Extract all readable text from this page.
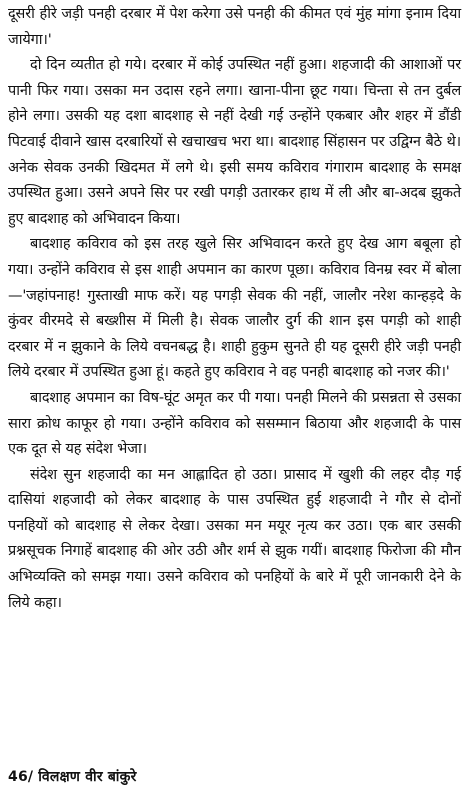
दूसरी हीरे जड़ी पनही दरबार में पेश करेगा उसे पनही की कीमत एवं मुंह मांगा इनाम दिया जायेगा।'

दो दिन व्यतीत हो गये। दरबार में कोई उपस्थित नहीं हुआ। शहजादी की आशाओं पर पानी फिर गया। उसका मन उदास रहने लगा। खाना-पीना छूट गया। चिन्ता से तन दुर्बल होने लगा। उसकी यह दशा बादशाह से नहीं देखी गई उन्होंने एकबार और शहर में डौंडी पिटवाई दीवाने खास दरबारियों से खचाखच भरा था। बादशाह सिंहासन पर उद्विग्न बैठे थे। अनेक सेवक उनकी खिदमत में लगे थे। इसी समय कविराव गंगाराम बादशाह के समक्ष उपस्थित हुआ। उसने अपने सिर पर रखी पगड़ी उतारकर हाथ में ली और बा-अदब झुकते हुए बादशाह को अभिवादन किया।

बादशाह कविराव को इस तरह खुले सिर अभिवादन करते हुए देख आग बबूला हो गया। उन्होंने कविराव से इस शाही अपमान का कारण पूछा। कविराव विनम्र स्वर में बोला—'जहांपनाह! गुस्ताखी माफ करें। यह पगड़ी सेवक की नहीं, जालौर नरेश कान्हड़दे के कुंवर वीरमदे से बख्शीस में मिली है। सेवक जालौर दुर्ग की शान इस पगड़ी को शाही दरबार में न झुकाने के लिये वचनबद्ध है। शाही हुकुम सुनते ही यह दूसरी हीरे जड़ी पनही लिये दरबार में उपस्थित हुआ हूं। कहते हुए कविराव ने वह पनही बादशाह को नजर की।'

बादशाह अपमान का विष-घूंट अमृत कर पी गया। पनही मिलने की प्रसन्नता से उसका सारा क्रोध काफूर हो गया। उन्होंने कविराव को ससम्मान बिठाया और शहजादी के पास एक दूत से यह संदेश भेजा।

संदेश सुन शहजादी का मन आह्लादित हो उठा। प्रासाद में खुशी की लहर दौड़ गई दासियां शहजादी को लेकर बादशाह के पास उपस्थित हुई शहजादी ने गौर से दोनों पनहियों को बादशाह से लेकर देखा। उसका मन मयूर नृत्य कर उठा। एक बार उसकी प्रश्नसूचक निगाहें बादशाह की ओर उठी और शर्म से झुक गयीं। बादशाह फिरोजा की मौन अभिव्यक्ति को समझ गया। उसने कविराव को पनहियों के बारे में पूरी जानकारी देने के लिये कहा।

46/ विलक्षण वीर बांकुरे
